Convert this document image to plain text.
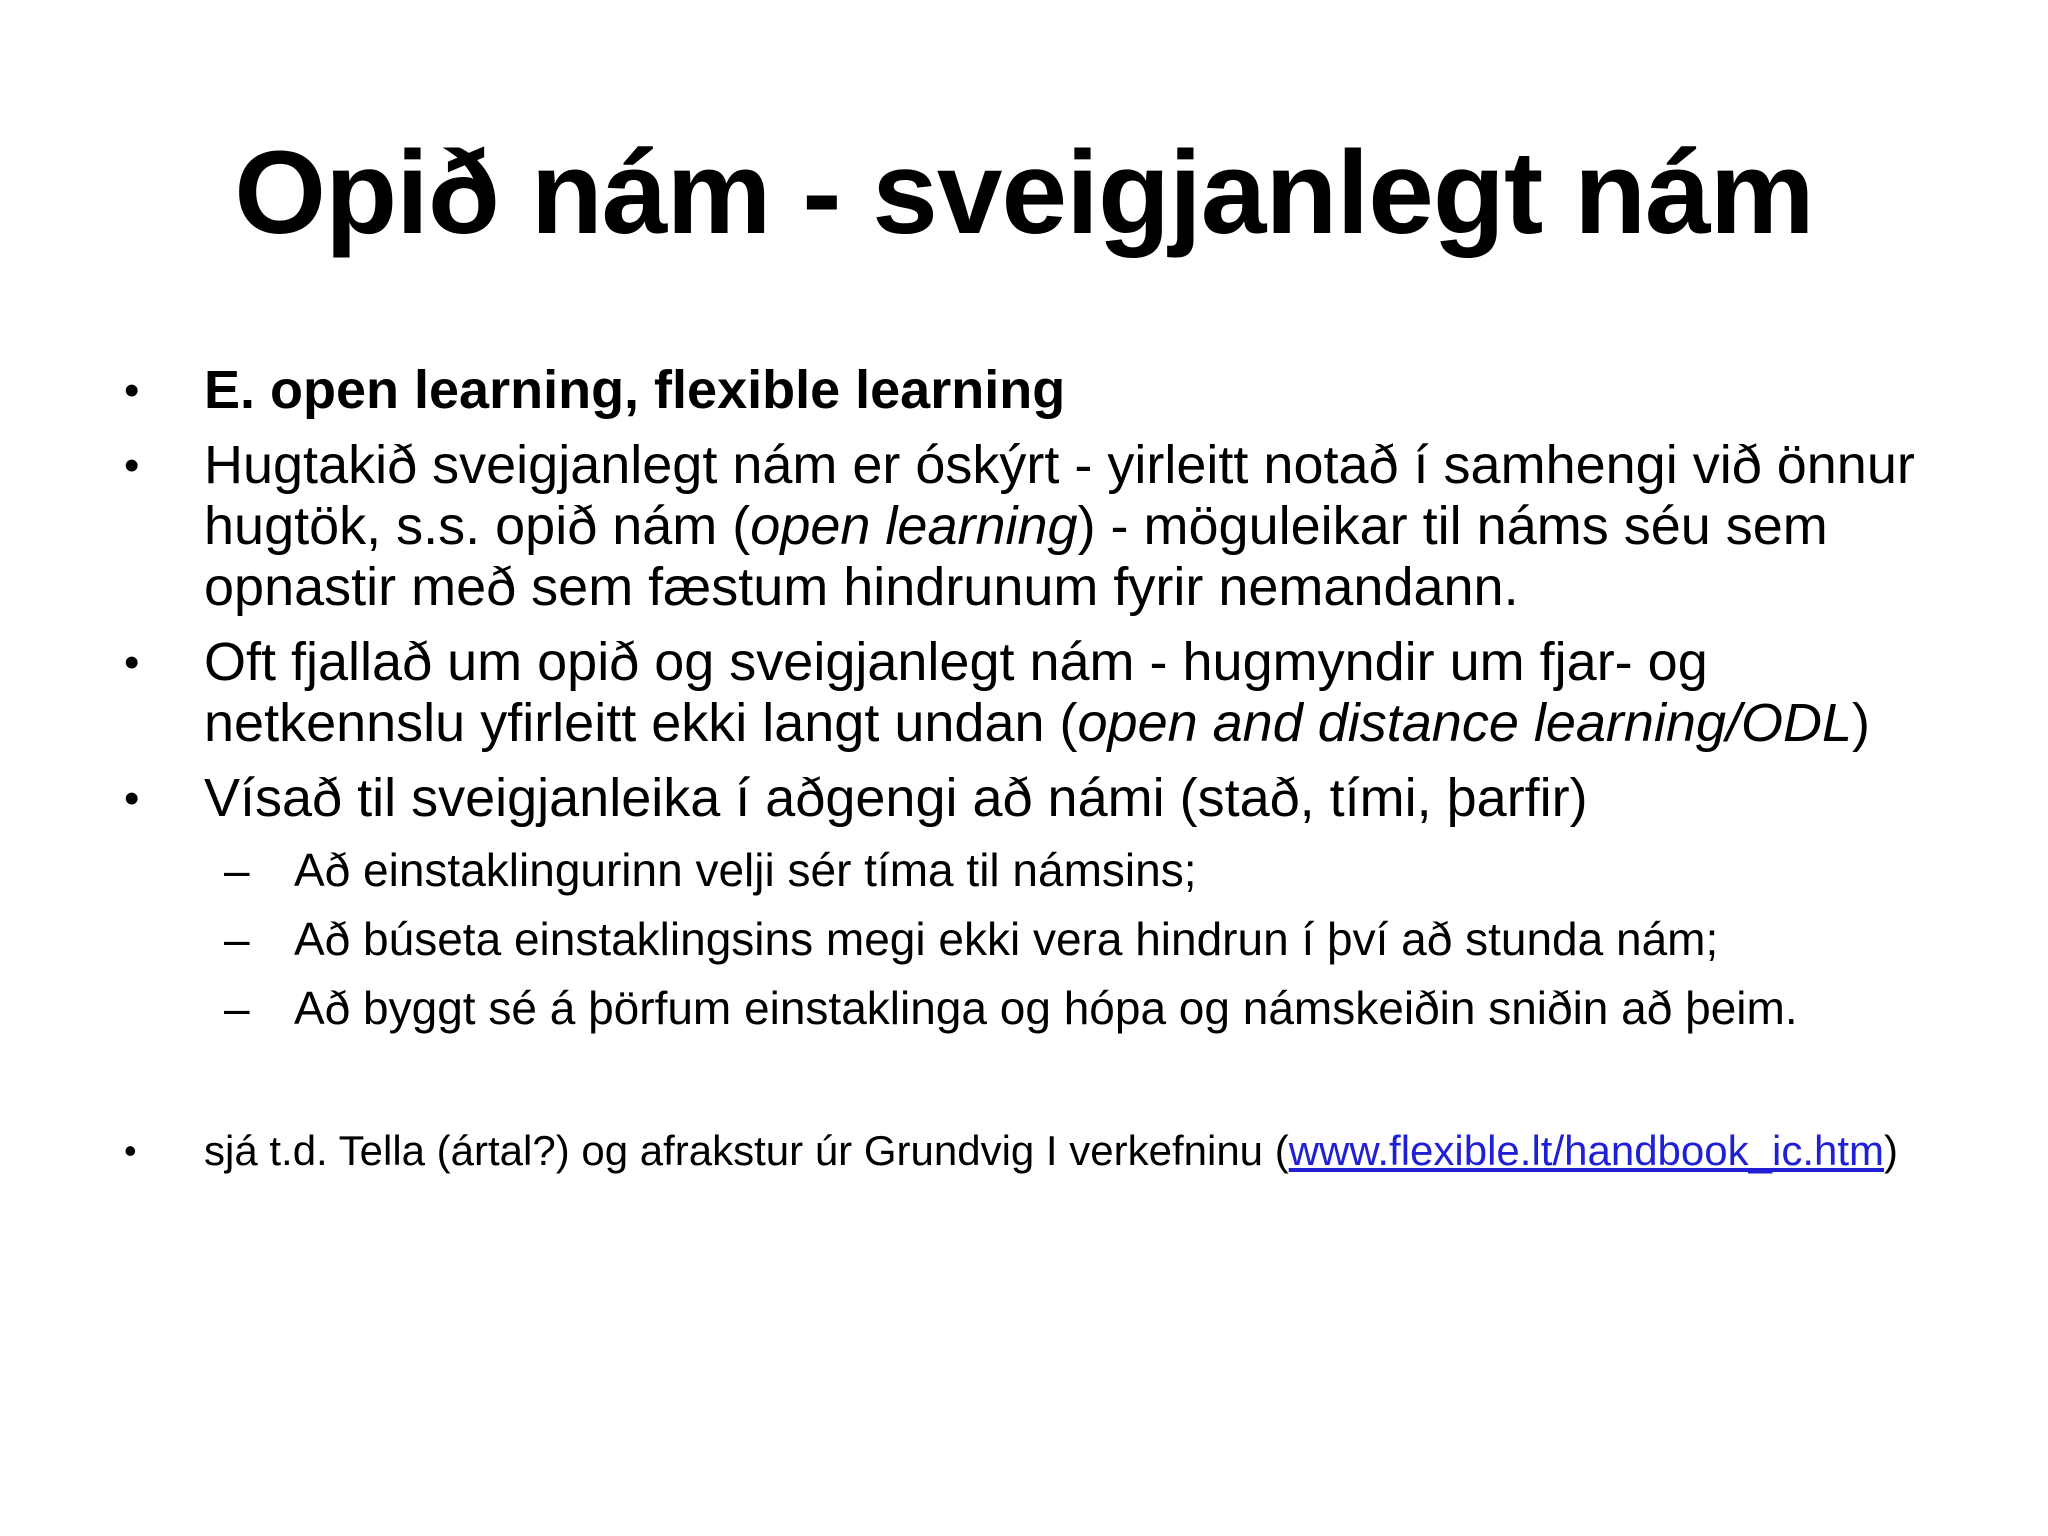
Opið nám - sveigjanlegt nám
•	E. open learning, flexible learning
•	Hugtakið sveigjanlegt nám er óskýrt - yirleitt notað í samhengi við önnur hugtök, s.s. opið nám (open learning) - möguleikar til náms séu sem opnastir með sem fæstum hindrunum fyrir nemandann.
•	Oft fjallað um opið og sveigjanlegt nám - hugmyndir um fjar- og netkennslu yfirleitt ekki langt undan (open and distance learning/ODL)
•	Vísað til sveigjanleika í aðgengi að námi (stað, tími, þarfir)
– Að einstaklingurinn velji sér tíma til námsins;
– Að búseta einstaklingsins megi ekki vera hindrun í því að stunda nám;
– Að byggt sé á þörfum einstaklinga og hópa og námskeiðin sniðin að þeim.
•	sjá t.d. Tella (ártal?) og afrakstur úr Grundvig I verkefninu (www.flexible.lt/handbook_ic.htm)
